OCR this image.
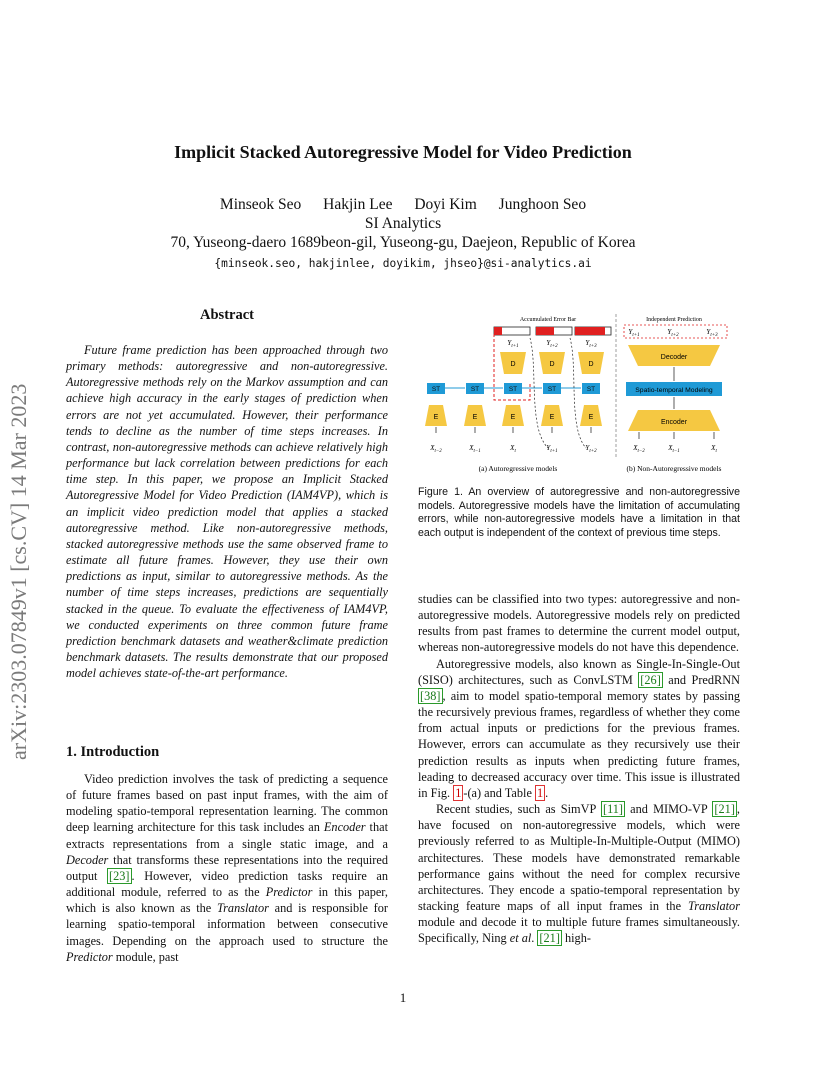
arXiv:2303.07849v1 [cs.CV] 14 Mar 2023
Implicit Stacked Autoregressive Model for Video Prediction
Minseok Seo Hakjin Lee Doyi Kim Junghoon Seo
SI Analytics
70, Yuseong-daero 1689beon-gil, Yuseong-gu, Daejeon, Republic of Korea
{minseok.seo, hakjinlee, doyikim, jhseo}@si-analytics.ai
Abstract

Future frame prediction has been approached through two primary methods: autoregressive and non-autoregressive. Autoregressive methods rely on the Markov assumption and can achieve high accuracy in the early stages of prediction when errors are not yet accumulated. However, their performance tends to decline as the number of time steps increases. In contrast, non-autoregressive methods can achieve relatively high performance but lack correlation between predictions for each time step. In this paper, we propose an Implicit Stacked Autoregressive Model for Video Prediction (IAM4VP), which is an implicit video prediction model that applies a stacked autoregressive method. Like non-autoregressive methods, stacked autoregressive methods use the same observed frame to estimate all future frames. However, they use their own predictions as input, similar to autoregressive methods. As the number of time steps increases, predictions are sequentially stacked in the queue. To evaluate the effectiveness of IAM4VP, we conducted experiments on three common future frame prediction benchmark datasets and weather&climate prediction benchmark datasets. The results demonstrate that our proposed model achieves state-of-the-art performance.

1. Introduction

Video prediction involves the task of predicting a sequence of future frames based on past input frames, with the aim of modeling spatio-temporal representation learning. The common deep learning architecture for this task includes an Encoder that extracts representations from a single static image, and a Decoder that transforms these representations into the required output [23] . However, video prediction tasks require an additional module, referred to as the Predictor in this paper, which is also known as the Translator and is responsible for learning spatio-temporal information between consecutive images. Depending on the approach used to structure the Predictor module, past

studies can be classified into two types: autoregressive and non-autoregressive models. Autoregressive models rely on predicted results from past frames to determine the current model output, whereas non-autoregressive models do not have this dependence.

Autoregressive models, also known as Single-In-Single-Out (SISO) architectures, such as ConvLSTM [26] and PredRNN [38] , aim to model spatio-temporal memory states by passing the recursively previous frames, regardless of whether they come from actual inputs or predictions for the previous frames. However, errors can accumulate as they recursively use their prediction results as inputs when predicting future frames, leading to decreased accuracy over time. This issue is illustrated in Fig. 1 -(a) and Table 1 .

Recent studies, such as SimVP [11] and MIMO-VP [21] , have focused on non-autoregressive models, which were previously referred to as Multiple-In-Multiple-Output (MIMO) architectures. These models have demonstrated remarkable performance gains without the need for complex recursive architectures. They encode a spatio-temporal representation by stacking feature maps of all input frames in the Translator module and decode it to multiple future frames simultaneously. Specifically, Ning et al. [21] high-

Accumulated Error Bar
$Y_{t+1}$	$Y_{t+2}$	$Y_{t+3}$
D	D	D
ST	ST	ST	ST	ST
E	E	E	E	E
$X_{t-2}$	$X_{t-1}$	$X_t$	$Y_{t+1}$	$Y_{t+2}$
(a) Autoregressive models
Independent Prediction
$Y_{t+1}$	$Y_{t+2}$	$Y_{t+3}$
Decoder
Spatio-temporal Modeling
Encoder
$X_{t-2}$	$X_{t-1}$	$X_t$
(b) Non-Autoregressive models
Figure 1. An overview of autoregressive and non-autoregressive models. Autoregressive models have the limitation of accumulating errors, while non-autoregressive models have a limitation in that each output is independent of the context of previous time steps.
1
